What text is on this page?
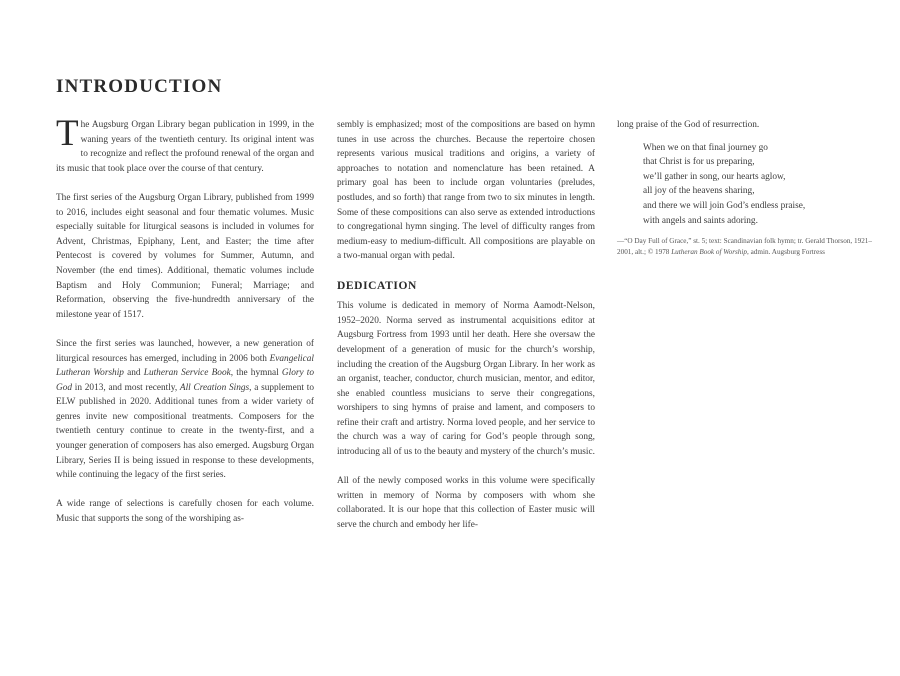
INTRODUCTION

The Augsburg Organ Library began publication in 1999, in the waning years of the twentieth century. Its original intent was to recognize and reflect the profound renewal of the organ and its music that took place over the course of that century.

The first series of the Augsburg Organ Library, published from 1999 to 2016, includes eight seasonal and four thematic volumes. Music especially suitable for liturgical seasons is included in volumes for Advent, Christmas, Epiphany, Lent, and Easter; the time after Pentecost is covered by volumes for Summer, Autumn, and November (the end times). Additional, thematic volumes include Baptism and Holy Communion; Funeral; Marriage; and Reformation, observing the five-hundredth anniversary of the milestone year of 1517.

Since the first series was launched, however, a new generation of liturgical resources has emerged, including in 2006 both Evangelical Lutheran Worship and Lutheran Service Book, the hymnal Glory to God in 2013, and most recently, All Creation Sings, a supplement to ELW published in 2020. Additional tunes from a wider variety of genres invite new compositional treatments. Composers for the twentieth century continue to create in the twenty-first, and a younger generation of composers has also emerged. Augsburg Organ Library, Series II is being issued in response to these developments, while continuing the legacy of the first series.

A wide range of selections is carefully chosen for each volume. Music that supports the song of the worshiping as-

sembly is emphasized; most of the compositions are based on hymn tunes in use across the churches. Because the repertoire chosen represents various musical traditions and origins, a variety of approaches to notation and nomenclature has been retained. A primary goal has been to include organ voluntaries (preludes, postludes, and so forth) that range from two to six minutes in length. Some of these compositions can also serve as extended introductions to congregational hymn singing. The level of difficulty ranges from medium-easy to medium-difficult. All compositions are playable on a two-manual organ with pedal.

DEDICATION

This volume is dedicated in memory of Norma Aamodt-Nelson, 1952–2020. Norma served as instrumental acquisitions editor at Augsburg Fortress from 1993 until her death. Here she oversaw the development of a generation of music for the church’s worship, including the creation of the Augsburg Organ Library. In her work as an organist, teacher, conductor, church musician, mentor, and editor, she enabled countless musicians to serve their congregations, worshipers to sing hymns of praise and lament, and composers to refine their craft and artistry. Norma loved people, and her service to the church was a way of caring for God’s people through song, introducing all of us to the beauty and mystery of the church’s music.

All of the newly composed works in this volume were specifically written in memory of Norma by composers with whom she collaborated. It is our hope that this collection of Easter music will serve the church and embody her life-

long praise of the God of resurrection.

When we on that final journey go
that Christ is for us preparing,
we’ll gather in song, our hearts aglow,
all joy of the heavens sharing,
and there we will join God’s endless praise,
with angels and saints adoring.
—“O Day Full of Grace,” st. 5; text: Scandinavian folk hymn; tr. Gerald Thorson, 1921–2001, alt.; © 1978 Lutheran Book of Worship, admin. Augsburg Fortress
